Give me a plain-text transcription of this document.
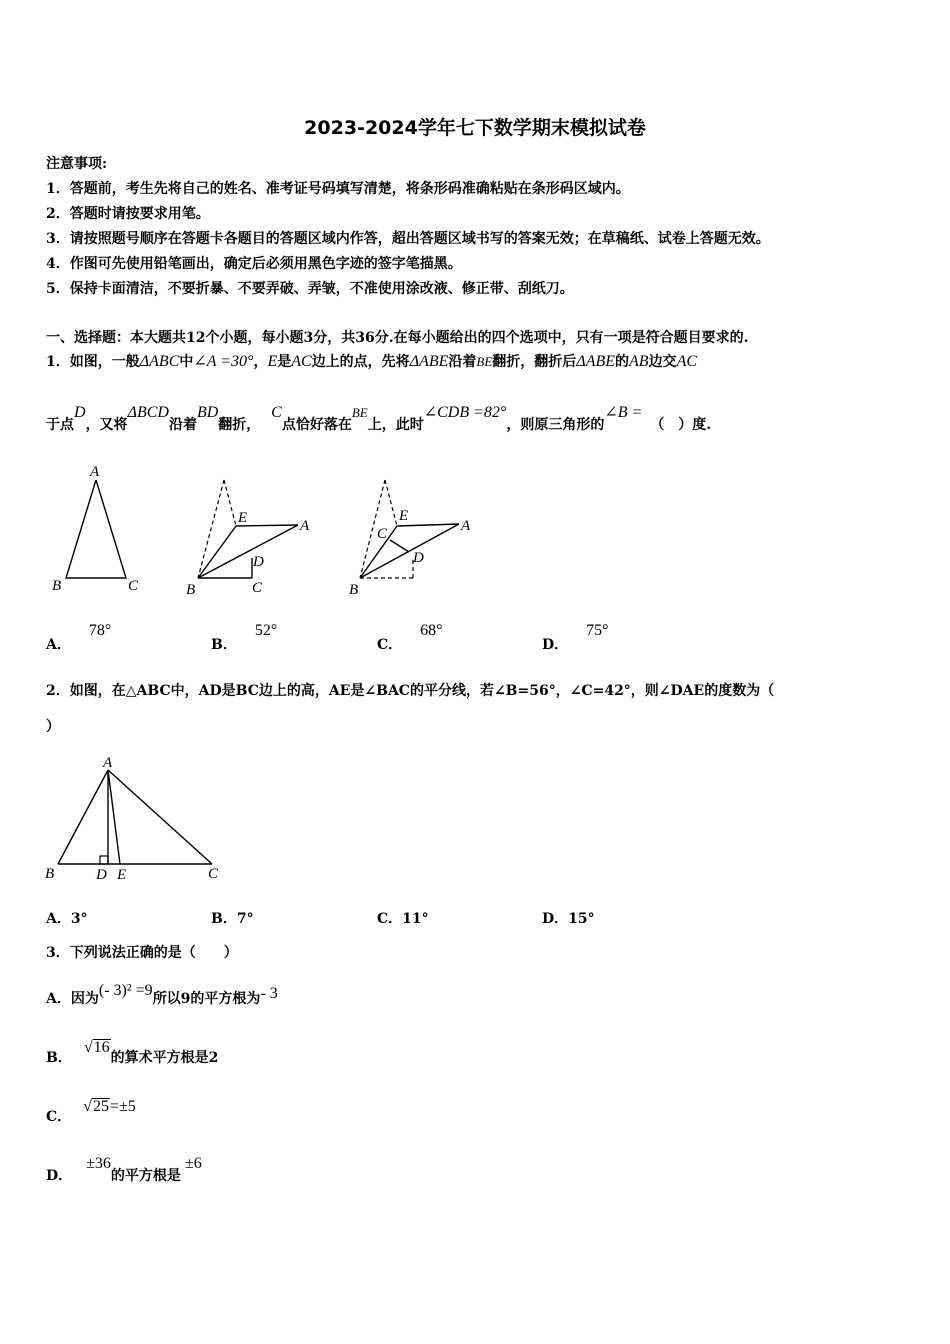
2023-2024学年七下数学期末模拟试卷
注意事项:
1．答题前，考生先将自己的姓名、准考证号码填写清楚，将条形码准确粘贴在条形码区域内。
2．答题时请按要求用笔。
3．请按照题号顺序在答题卡各题目的答题区域内作答，超出答题区域书写的答案无效；在草稿纸、试卷上答题无效。
4．作图可先使用铅笔画出，确定后必须用黑色字迹的签字笔描黑。
5．保持卡面清洁，不要折暴、不要弄破、弄皱，不准使用涂改液、修正带、刮纸刀。
一、选择题：本大题共12个小题，每小题3分，共36分.在每小题给出的四个选项中，只有一项是符合题目要求的.
1．如图，一般ΔABC中∠A =30°，E是AC边上的点，先将ΔABE沿着BE翻折，翻折后ΔABE的AB边交AC
于点D，又将ΔBCD沿着BD翻折， C点恰好落在BE上，此时∠CDB =82°，则原三角形的∠B =（　）度.
A
B	C
E	A
D
B	C
E
C	A
D
B
A．78°
B．52°
C．68°
D．75°
2．如图，在△ABC中，AD是BC边上的高，AE是∠BAC的平分线，若∠B=56°，∠C=42°，则∠DAE的度数为（
）
A
B	D E	C
A．3°	B．7°	C．11°	D．15°
3．下列说法正确的是（　　）
A．因为(- 3)² =9所以9的平方根为- 3
B．√16的算术平方根是2
C．√25=±5
D．±36的平方根是±6
